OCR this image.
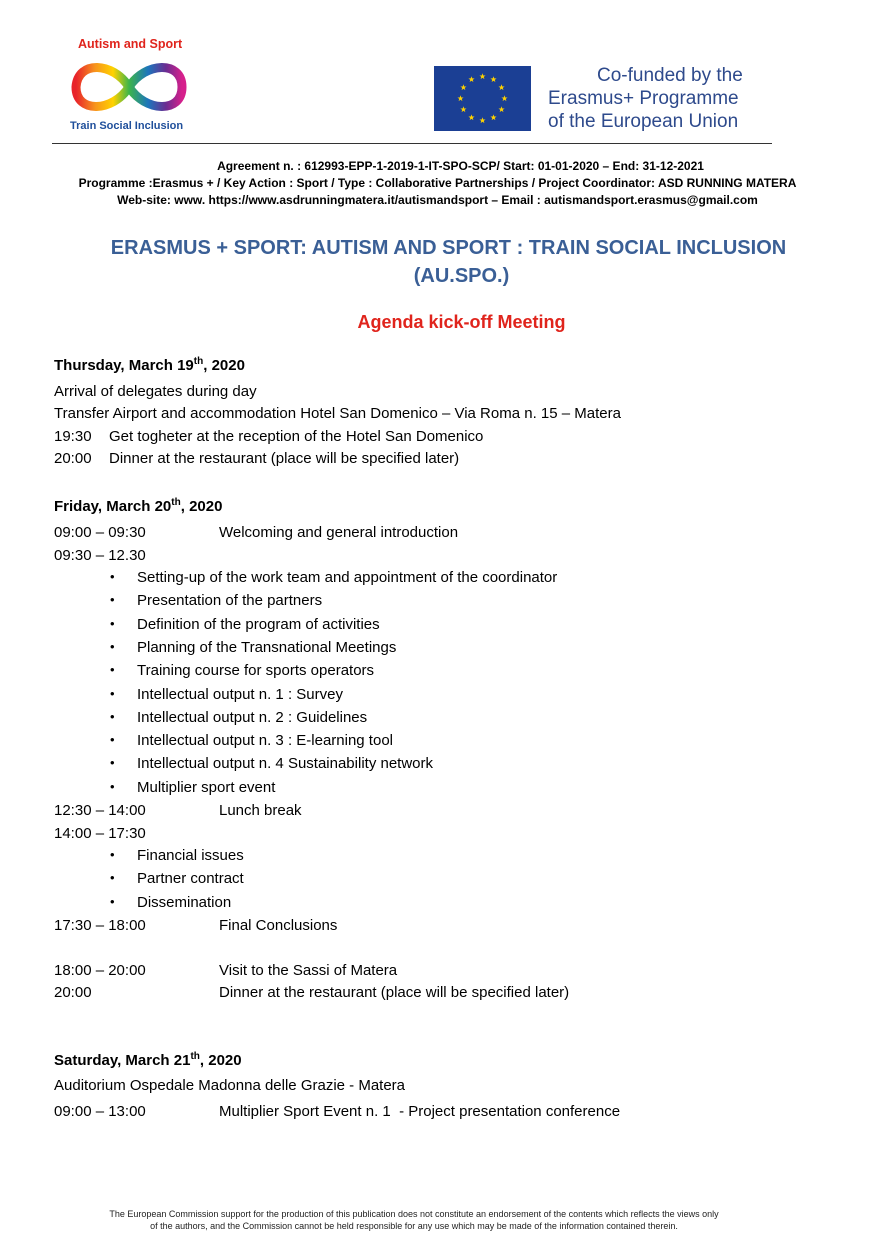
Autism and Sport
Train Social Inclusion
Co-funded by the
Erasmus+ Programme
of the European Union
Agreement n. : 612993-EPP-1-2019-1-IT-SPO-SCP/ Start: 01-01-2020 – End: 31-12-2021
Programme :Erasmus + / Key Action : Sport / Type : Collaborative Partnerships / Project Coordinator: ASD RUNNING MATERA
Web-site: www. https://www.asdrunningmatera.it/autismandsport – Email : autismandsport.erasmus@gmail.com
ERASMUS + SPORT: AUTISM AND SPORT : TRAIN SOCIAL INCLUSION
(AU.SPO.)
Agenda kick-off Meeting
Thursday, March 19th, 2020
Arrival of delegates during day
Transfer Airport and accommodation Hotel San Domenico – Via Roma n. 15 – Matera
19:30 Get togheter at the reception of the Hotel San Domenico
20:00 Dinner at the restaurant (place will be specified later)
Friday, March 20th, 2020
09:00 – 09:30	Welcoming and general introduction
09:30 – 12.30
• Setting-up of the work team and appointment of the coordinator
• Presentation of the partners
• Definition of the program of activities
• Planning of the Transnational Meetings
• Training course for sports operators
• Intellectual output n. 1 : Survey
• Intellectual output n. 2 : Guidelines
• Intellectual output n. 3 : E-learning tool
• Intellectual output n. 4 Sustainability network
• Multiplier sport event
12:30 – 14:00	Lunch break
14:00 – 17:30
• Financial issues
• Partner contract
• Dissemination
17:30 – 18:00	Final Conclusions
18:00 – 20:00	Visit to the Sassi of Matera
20:00	Dinner at the restaurant (place will be specified later)
Saturday, March 21th, 2020
Auditorium Ospedale Madonna delle Grazie - Matera
09:00 – 13:00	Multiplier Sport Event n. 1  - Project presentation conference
The European Commission support for the production of this publication does not constitute an endorsement of the contents which reflects the views only
of the authors, and the Commission cannot be held responsible for any use which may be made of the information contained therein.
